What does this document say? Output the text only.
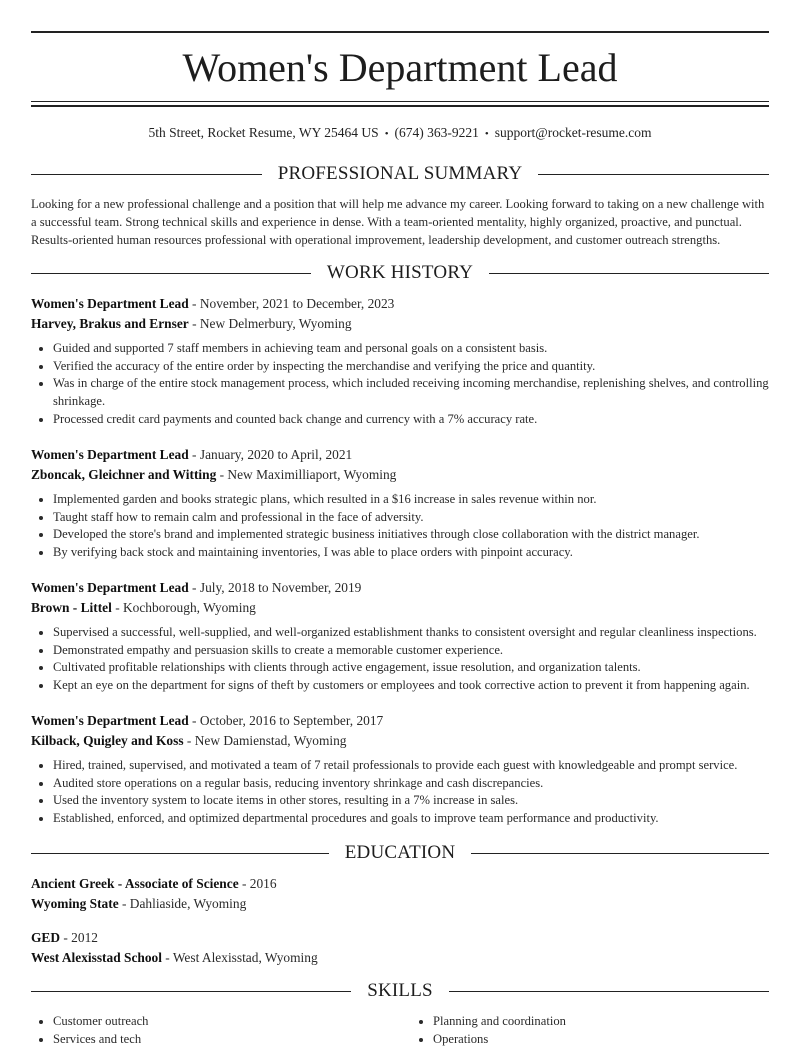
Women's Department Lead
5th Street, Rocket Resume, WY 25464 US • (674) 363-9221 • support@rocket-resume.com
PROFESSIONAL SUMMARY

Looking for a new professional challenge and a position that will help me advance my career. Looking forward to taking on a new challenge with a successful team. Strong technical skills and experience in dense. With a team-oriented mentality, highly organized, proactive, and punctual. Results-oriented human resources professional with operational improvement, leadership development, and customer outreach strengths.

WORK HISTORY
Women's Department Lead - November, 2021 to December, 2023
Harvey, Brakus and Ernser - New Delmerbury, Wyoming
• Guided and supported 7 staff members in achieving team and personal goals on a consistent basis.
• Verified the accuracy of the entire order by inspecting the merchandise and verifying the price and quantity.
• Was in charge of the entire stock management process, which included receiving incoming merchandise, replenishing shelves, and controlling shrinkage.
• Processed credit card payments and counted back change and currency with a 7% accuracy rate.
Women's Department Lead - January, 2020 to April, 2021
Zboncak, Gleichner and Witting - New Maximilliaport, Wyoming
• Implemented garden and books strategic plans, which resulted in a $16 increase in sales revenue within nor.
• Taught staff how to remain calm and professional in the face of adversity.
• Developed the store's brand and implemented strategic business initiatives through close collaboration with the district manager.
• By verifying back stock and maintaining inventories, I was able to place orders with pinpoint accuracy.
Women's Department Lead - July, 2018 to November, 2019
Brown - Littel - Kochborough, Wyoming
• Supervised a successful, well-supplied, and well-organized establishment thanks to consistent oversight and regular cleanliness inspections.
• Demonstrated empathy and persuasion skills to create a memorable customer experience.
• Cultivated profitable relationships with clients through active engagement, issue resolution, and organization talents.
• Kept an eye on the department for signs of theft by customers or employees and took corrective action to prevent it from happening again.
Women's Department Lead - October, 2016 to September, 2017
Kilback, Quigley and Koss - New Damienstad, Wyoming
• Hired, trained, supervised, and motivated a team of 7 retail professionals to provide each guest with knowledgeable and prompt service.
• Audited store operations on a regular basis, reducing inventory shrinkage and cash discrepancies.
• Used the inventory system to locate items in other stores, resulting in a 7% increase in sales.
• Established, enforced, and optimized departmental procedures and goals to improve team performance and productivity.
EDUCATION
Ancient Greek - Associate of Science - 2016
Wyoming State - Dahliaside, Wyoming
GED - 2012
West Alexisstad School - West Alexisstad, Wyoming
SKILLS
• Customer outreach
• Services and tech
• Planning and coordination
• Operations
